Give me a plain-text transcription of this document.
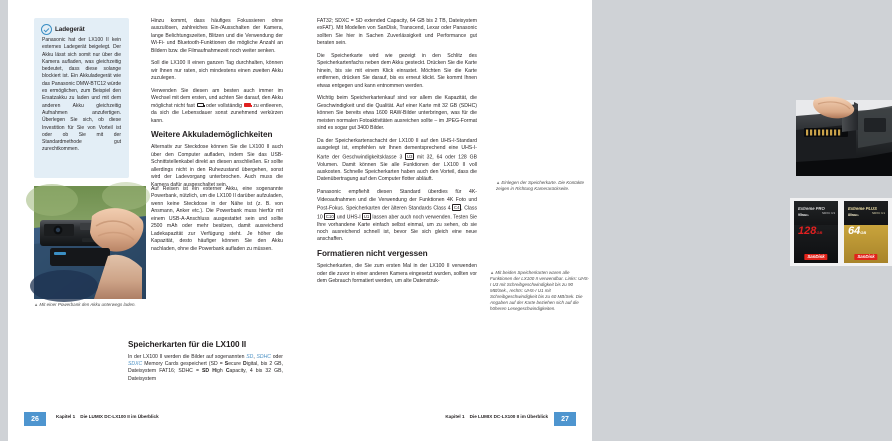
Ladegerät
Panasonic hat der LX100 II kein externes Ladegerät beigelegt. Der Akku lässt sich somit nur über die Kamera aufladen, was gleichzeitig bedeutet, dass diese solange blockiert ist. Ein Akkuladegerät wie das Panasonic DMW-BTC12 würde es ermöglichen, zum Beispiel den Ersatzakku zu laden und mit dem anderen Akku gleichzeitig Aufnahmen anzufertigen. Überlegen Sie sich, ob diese Investition für Sie von Vorteil ist oder ob Sie mit der Standardmethode gut zurechtkommen.
▲ Mit einer Powerbank den Akku unterwegs laden.

Hinzu kommt, dass häufiges Fokussieren ohne auszulösen, zahlreiches Ein-/Ausschalten der Kamera, lange Belichtungszeiten, Blitzen und die Verwendung der Wi-Fi- und Bluetooth-Funktionen die mögliche Anzahl an Bildern bzw. die Filmaufnahmezeit noch weiter senken.

Soll die LX100 II einen ganzen Tag durchhalten, können wir Ihnen nur raten, sich mindestens einen zweiten Akku zuzulegen.

Verwenden Sie diesen am besten auch immer im Wechsel mit dem ersten, und achten Sie darauf, den Akku möglichst nicht fast oder vollständig zu entleeren, da sich die Lebensdauer sonst zunehmend verkürzen kann.

Weitere Akkulademöglichkeiten

Alternativ zur Steckdose können Sie die LX100 II auch über den Computer aufladen, indem Sie das USB-Schnittstellenkabel direkt an diesen anschließen. Er sollte allerdings nicht in den Ruhezustand übergehen, sonst wird der Ladevorgang unterbrochen. Auch muss die Kamera dafür ausgeschaltet sein.

Auf Reisen ist ein externer Akku, eine sogenannte Powerbank, nützlich, um die LX100 II darüber aufzuladen, wenn keine Steckdose in der Nähe ist (z. B. von Ansmann, Anker etc.). Die Powerbank muss hierfür mit einem USB-A-Anschluss ausgestattet sein und sollte 2500 mAh oder mehr besitzen, damit ausreichend Ladekapazität zur Verfügung steht. Je höher die Kapazität, desto häufiger können Sie den Akku nachladen, ohne die Powerbank aufladen zu müssen.

Speicherkarten für die LX100 II

In der LX100 II werden die Bilder auf sogenannten SD, SDHC oder SDXC Memory Cards gespeichert (SD = Secure Digital, bis 2 GB, Dateisystem FAT16; SDHC = SD High Capacity, 4 bis 32 GB, Dateisystem

26	Kapitel 1 Die LUMIX DC-LX100 II im Überblick

FAT32; SDXC = SD extended Capacity, 64 GB bis 2 TB, Dateisystem exFAT). Mit Modellen von SanDisk, Transcend, Lexar oder Panasonic sollten Sie hier in Sachen Zuverlässigkeit und Performance gut beraten sein.

Die Speicherkarte wird wie gezeigt in den Schlitz des Speicherkartenfachs neben dem Akku gesteckt. Drücken Sie die Karte hinein, bis sie mit einem Klick einrastet. Möchten Sie die Karte entfernen, drücken Sie darauf, bis es erneut klickt. Sie kommt Ihnen etwas entgegen und kann entnommen werden.

Wichtig beim Speicherkartenkauf sind vor allem die Kapazität, die Geschwindigkeit und die Qualität. Auf einer Karte mit 32 GB (SDHC) können Sie bereits etwa 1600 RAW-Bilder unterbringen, was für die meisten normalen Fotoaktivitäten ausreichen sollte – im JPEG-Format sind es sogar gut 3400 Bilder.

Da der Speicherkartenschacht der LX100 II auf den UHS-I-Standard ausgelegt ist, empfehlen wir Ihnen dementsprechend eine UHS-I-Karte der Geschwindigkeitsklasse 3 U3 mit 32, 64 oder 128 GB Volumen. Damit können Sie alle Funktionen der LX100 II voll auskosten. Schnelle Speicherkarten haben auch den Vorteil, dass die Datenübertragung auf den Computer flotter abläuft.

Panasonic empfiehlt diesen Standard überdies für 4K-Videoaufnahmen und die Verwendung der Funktionen 4K Foto und Post-Fokus. Speicherkarten der älteren Standards Class 4 C4 , Class 10 C10 und UHS-I U1 lassen aber auch noch verwenden. Testen Sie Ihre vorhandene Karte einfach selbst einmal, um zu sehen, ob sie noch ausreichend schnell ist, bevor Sie sich gleich eine neue anschaffen.

Formatieren nicht vergessen

Speicherkarten, die Sie zum ersten Mal in der LX100 II verwenden oder die zuvor in einer anderen Kamera eingesetzt wurden, sollten vor dem Gebrauch formatiert werden, um alte Datenstruk-

▲ Einlegen der Speicherkarte. Die Kontakte zeigen in Richtung Kamerarückseite.
Extreme PRO
95MB/s	SDXC U3
128GB
SanDisk
Extreme PLUS
80MB/s	SDXC U1
64GB
SanDisk
▲ Mit beiden Speicherkarten waren alle Funktionen der LX100 II verwendbar. Links: UHS-I U3 mit Schreibgeschwindigkeit bis zu 90 MB/Sek., rechts: UHS-I U1 mit Schreibgeschwindigkeit bis zu 60 MB/Sek. Die Angaben auf der Karte beziehen sich auf die höheren Lesegeschwindigkeiten.
27
Kapitel 1 Die LUMIX DC-LX100 II im Überblick
